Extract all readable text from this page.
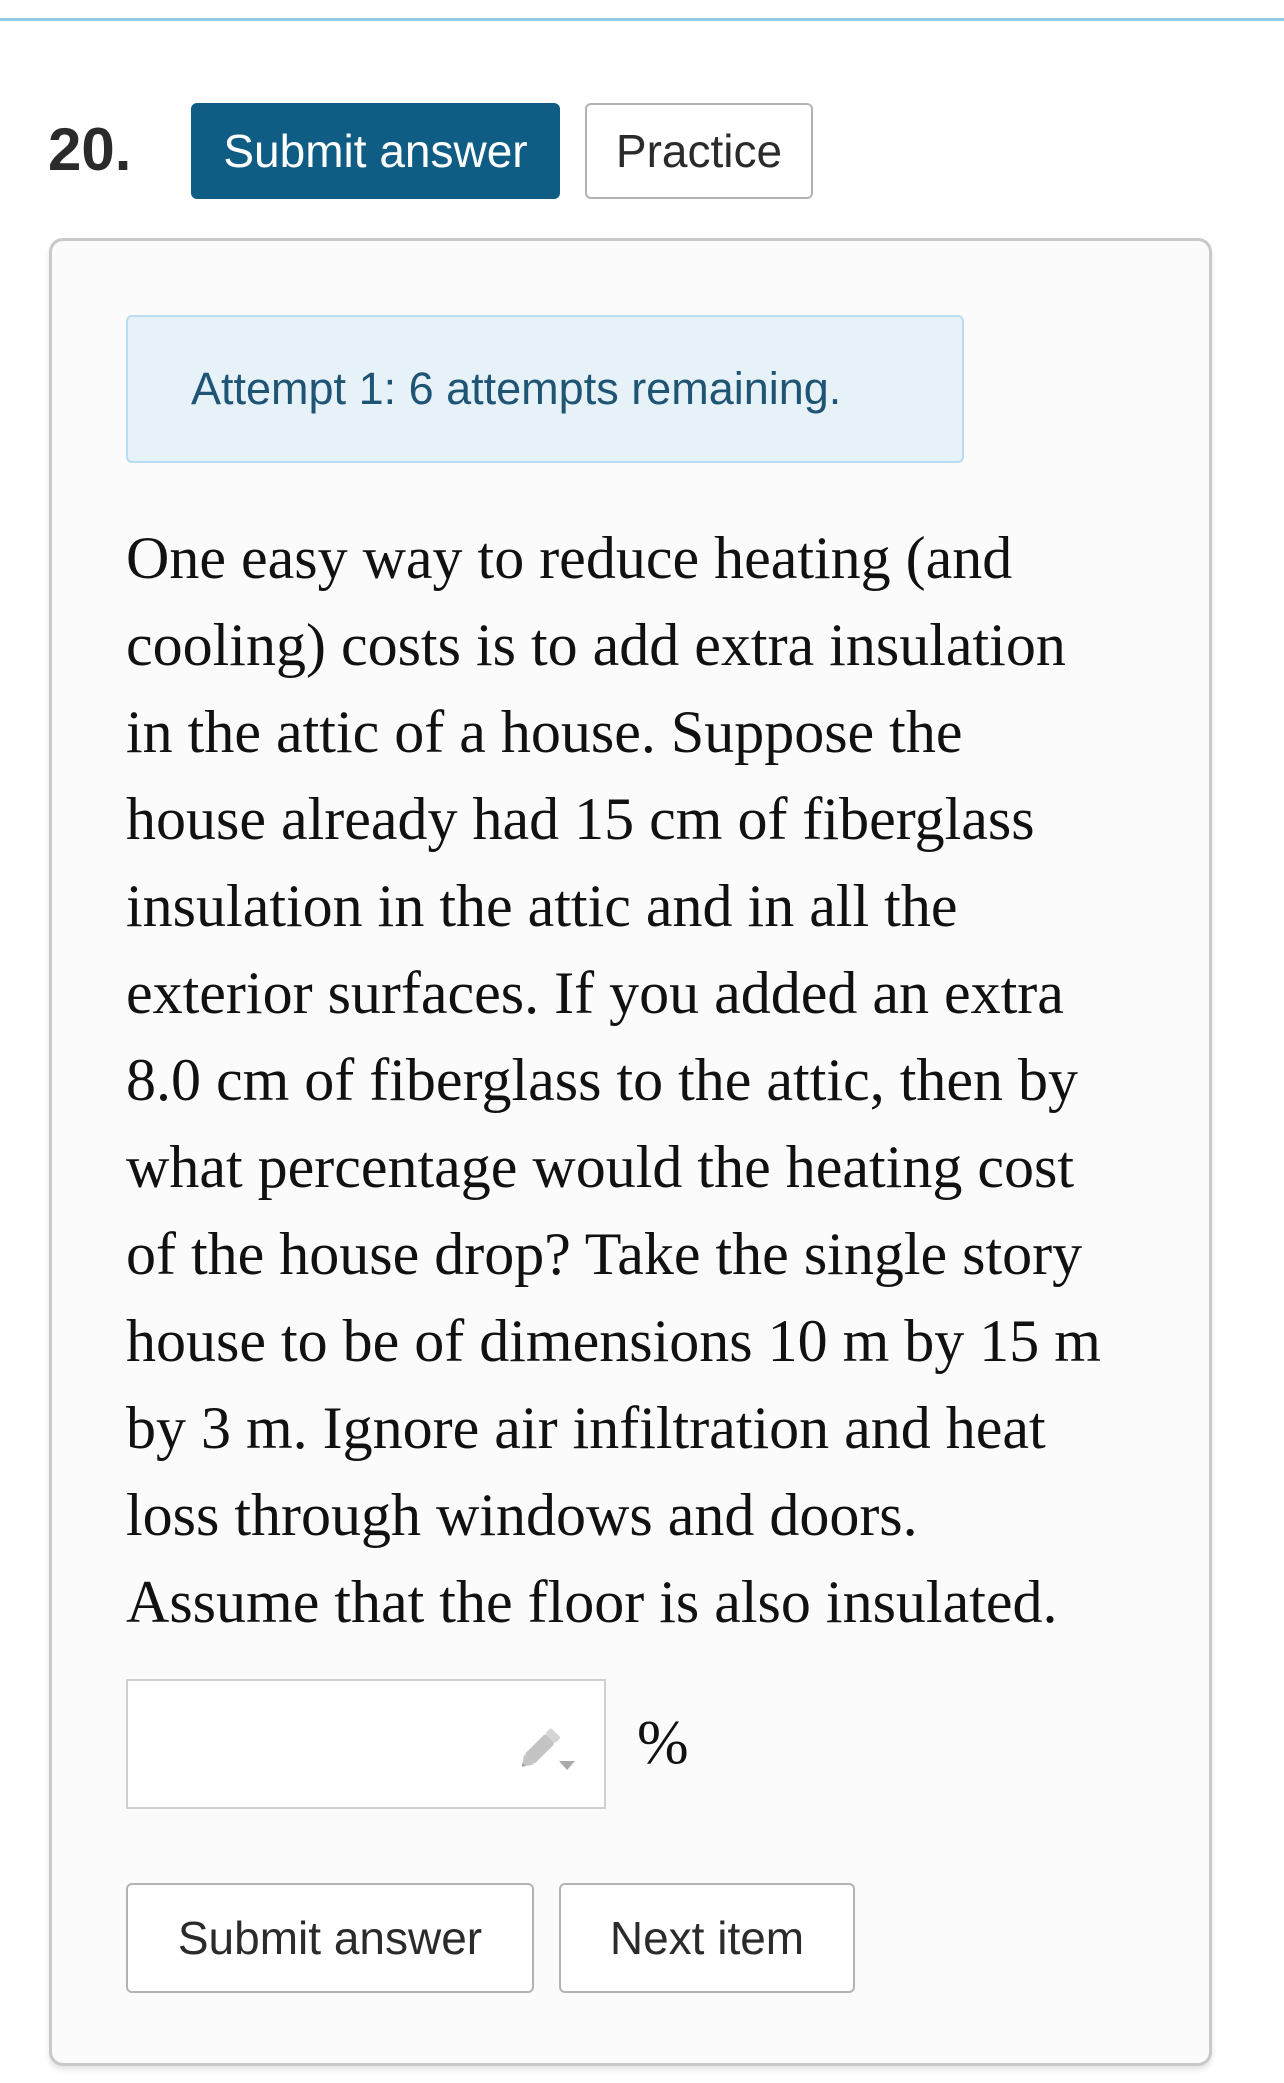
20.	Submit answer	Practice
Attempt 1: 6 attempts remaining.

One easy way to reduce heating (and

cooling) costs is to add extra insulation

in the attic of a house. Suppose the

house already had 15 cm of fiberglass

insulation in the attic and in all the

exterior surfaces. If you added an extra

8.0 cm of fiberglass to the attic, then by

what percentage would the heating cost

of the house drop? Take the single story

house to be of dimensions 10 m by 15 m

by 3 m. Ignore air infiltration and heat

loss through windows and doors.

Assume that the floor is also insulated.

%
Submit answer	Next item
